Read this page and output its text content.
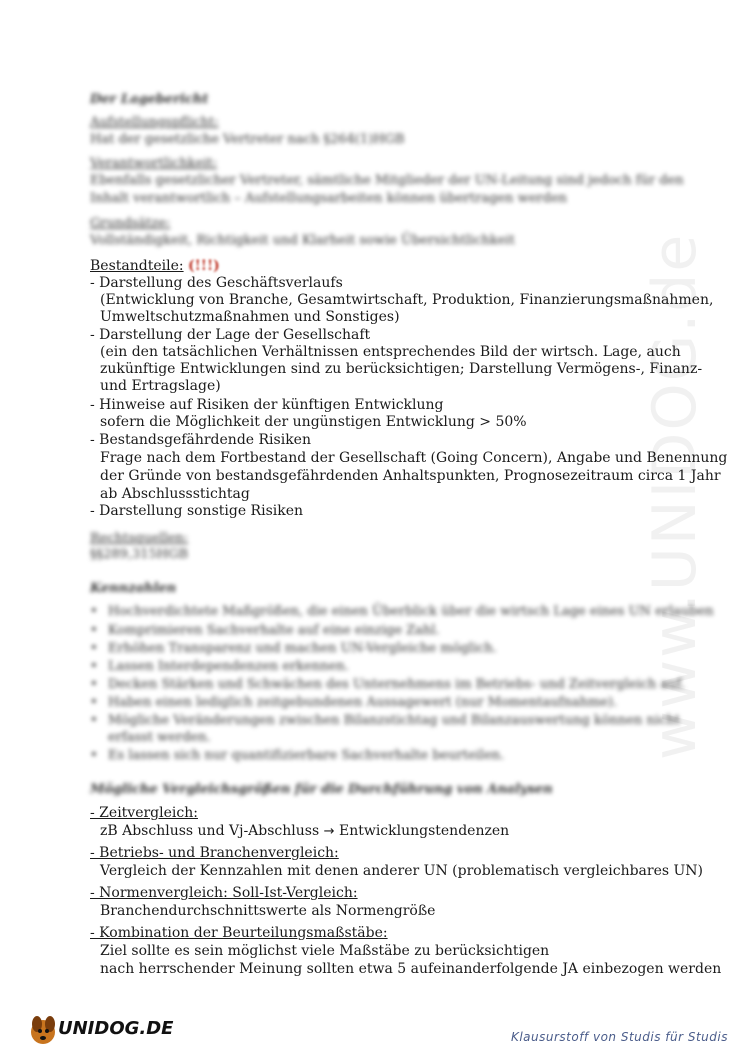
www.UNIDOG.de
Der Lagebericht
Aufstellungspflicht:
Hat der gesetzliche Vertreter nach §264(1)HGB
Verantwortlichkeit:
Ebenfalls gesetzlicher Vertreter, sämtliche Mitglieder der UN-Leitung sind jedoch für den
Inhalt verantwortlich – Aufstellungsarbeiten können übertragen werden
Grundsätze:
Vollständigkeit, Richtigkeit und Klarheit sowie Übersichtlichkeit
Bestandteile: (!!!)
- Darstellung des Geschäftsverlaufs
(Entwicklung von Branche, Gesamtwirtschaft, Produktion, Finanzierungsmaßnahmen,
Umweltschutzmaßnahmen und Sonstiges)
- Darstellung der Lage der Gesellschaft
(ein den tatsächlichen Verhältnissen entsprechendes Bild der wirtsch. Lage, auch
zukünftige Entwicklungen sind zu berücksichtigen; Darstellung Vermögens-, Finanz-
und Ertragslage)
- Hinweise auf Risiken der künftigen Entwicklung
sofern die Möglichkeit der ungünstigen Entwicklung > 50%
- Bestandsgefährdende Risiken
Frage nach dem Fortbestand der Gesellschaft (Going Concern), Angabe und Benennung
der Gründe von bestandsgefährdenden Anhaltspunkten, Prognosezeitraum circa 1 Jahr
ab Abschlussstichtag
- Darstellung sonstige Risiken
Rechtsquellen:
§§289,315HGB
Kennzahlen
• Hochverdichtete Maßgrößen, die einen Überblick über die wirtsch Lage eines UN erlauben
• Komprimieren Sachverhalte auf eine einzige Zahl.
• Erhöhen Transparenz und machen UN-Vergleiche möglich.
• Lassen Interdependenzen erkennen.
• Decken Stärken und Schwächen des Unternehmens im Betriebs- und Zeitvergleich auf.
• Haben einen lediglich zeitgebundenen Aussagewert (nur Momentaufnahme).
• Mögliche Veränderungen zwischen Bilanzstichtag und Bilanzauswertung können nicht
erfasst werden.
• Es lassen sich nur quantifizierbare Sachverhalte beurteilen.
Mögliche Vergleichsgrößen für die Durchführung von Analysen
- Zeitvergleich:
zB Abschluss und Vj-Abschluss → Entwicklungstendenzen
- Betriebs- und Branchenvergleich:
Vergleich der Kennzahlen mit denen anderer UN (problematisch vergleichbares UN)
- Normenvergleich: Soll-Ist-Vergleich:
Branchendurchschnittswerte als Normengröße
- Kombination der Beurteilungsmaßstäbe:
Ziel sollte es sein möglichst viele Maßstäbe zu berücksichtigen
nach herrschender Meinung sollten etwa 5 aufeinanderfolgende JA einbezogen werden
UNIDOG.DE	Klausurstoff von Studis für Studis
